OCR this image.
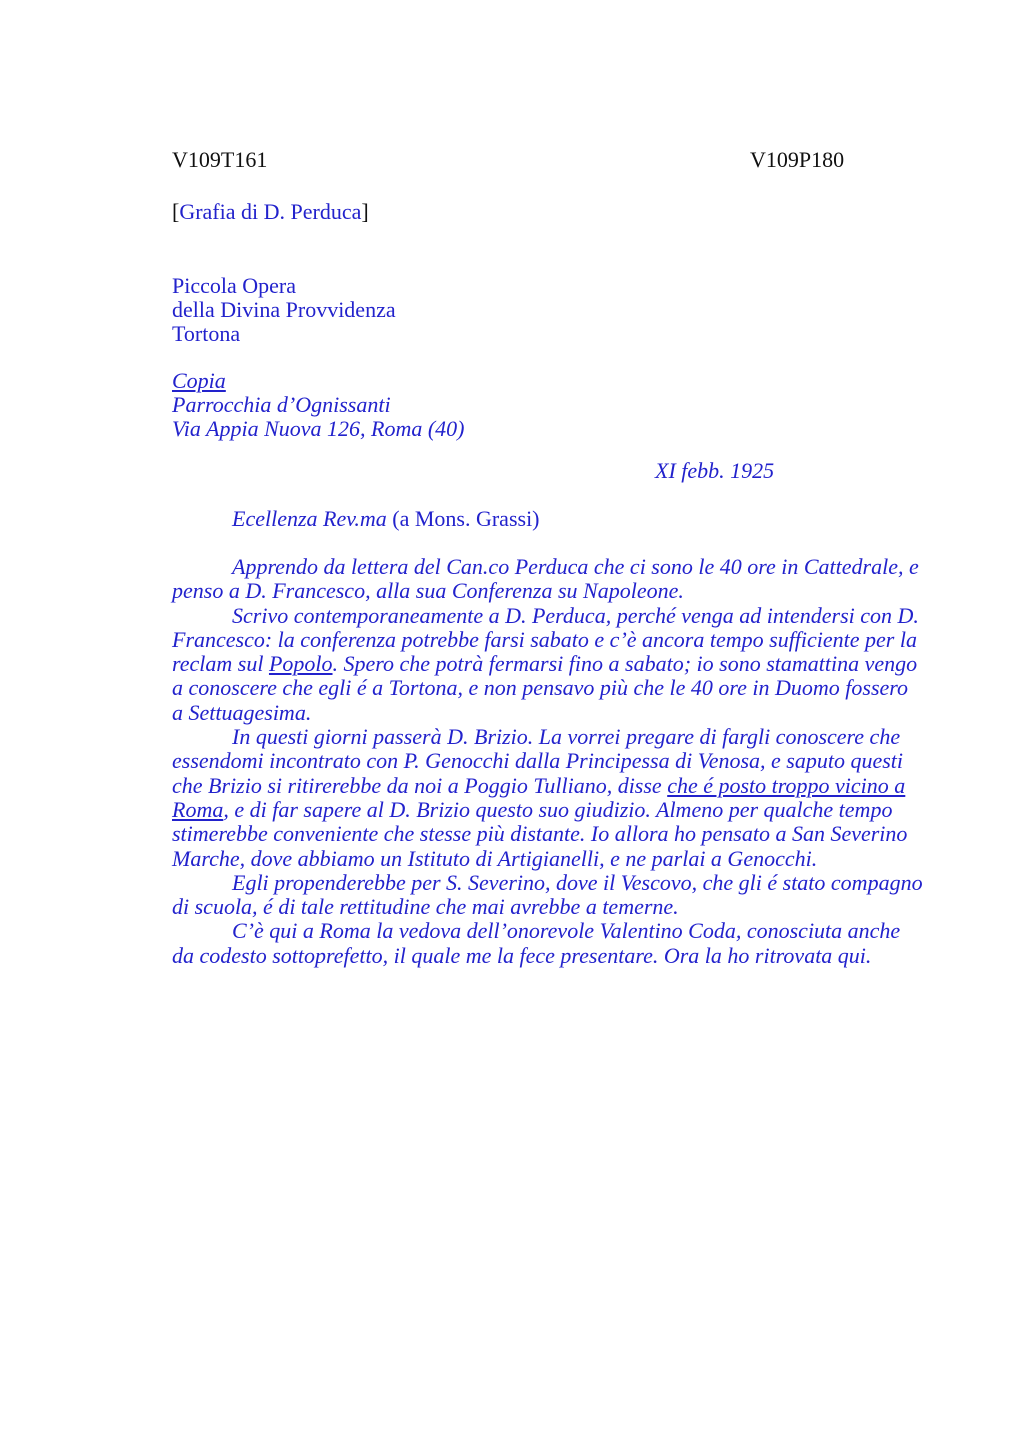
V109T161	V109P180
[Grafia di D. Perduca]
Piccola Opera
della Divina Provvidenza
Tortona
Copia
Parrocchia d’Ognissanti
Via Appia Nuova 126, Roma (40)
XI febb. 1925
Ecellenza Rev.ma (a Mons. Grassi)

Apprendo da lettera del Can.co Perduca che ci sono le 40 ore in Cattedrale, e penso a D. Francesco, alla sua Conferenza su Napoleone.

Scrivo contemporaneamente a D. Perduca, perché venga ad intendersi con D. Francesco: la conferenza potrebbe farsi sabato e c’è ancora tempo sufficiente per la reclam sul Popolo. Spero che potrà fermarsi fino a sabato; io sono stamattina vengo a conoscere che egli é a Tortona, e non pensavo più che le 40 ore in Duomo fossero a Settuagesima.

In questi giorni passerà D. Brizio. La vorrei pregare di fargli conoscere che essendomi incontrato con P. Genocchi dalla Principessa di Venosa, e saputo questi che Brizio si ritirerebbe da noi a Poggio Tulliano, disse che é posto troppo vicino a Roma, e di far sapere al D. Brizio questo suo giudizio. Almeno per qualche tempo stimerebbe conveniente che stesse più distante. Io allora ho pensato a San Severino Marche, dove abbiamo un Istituto di Artigianelli, e ne parlai a Genocchi.

Egli propenderebbe per S. Severino, dove il Vescovo, che gli é stato compagno di scuola, é di tale rettitudine che mai avrebbe a temerne.

C’è qui a Roma la vedova dell’onorevole Valentino Coda, conosciuta anche da codesto sottoprefetto, il quale me la fece presentare. Ora la ho ritrovata qui.
